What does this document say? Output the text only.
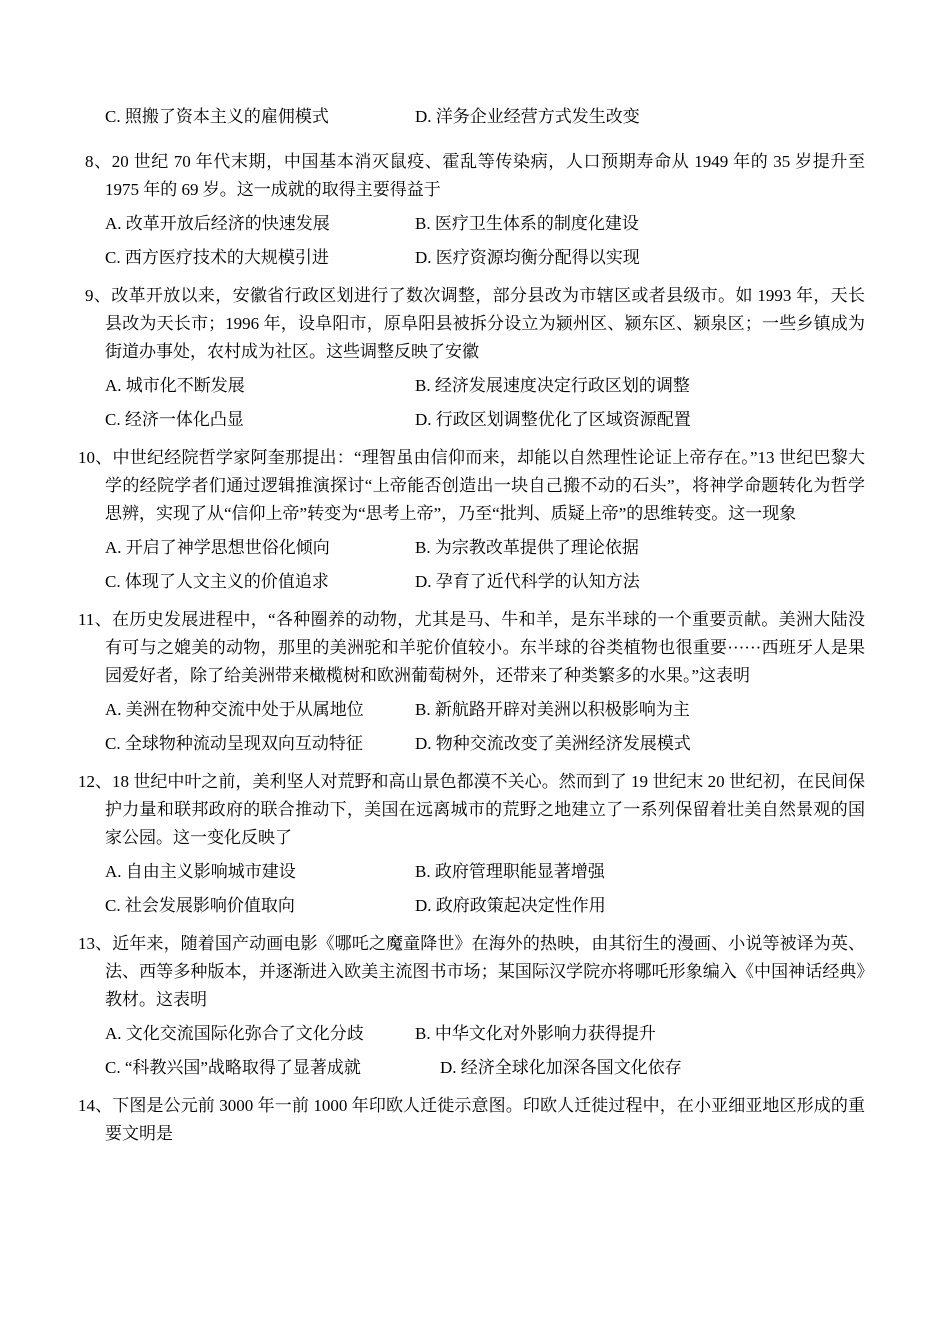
C. 照搬了资本主义的雇佣模式	D. 洋务企业经营方式发生改变

8、20 世纪 70 年代末期，中国基本消灭鼠疫、霍乱等传染病，人口预期寿命从 1949 年的 35 岁提升至 1975 年的 69 岁。这一成就的取得主要得益于

A. 改革开放后经济的快速发展	B. 医疗卫生体系的制度化建设
C. 西方医疗技术的大规模引进	D. 医疗资源均衡分配得以实现

9、改革开放以来，安徽省行政区划进行了数次调整，部分县改为市辖区或者县级市。如 1993 年，天长县改为天长市；1996 年，设阜阳市，原阜阳县被拆分设立为颍州区、颍东区、颍泉区；一些乡镇成为街道办事处，农村成为社区。这些调整反映了安徽

A. 城市化不断发展	B. 经济发展速度决定行政区划的调整
C. 经济一体化凸显	D. 行政区划调整优化了区域资源配置

10、中世纪经院哲学家阿奎那提出：“理智虽由信仰而来，却能以自然理性论证上帝存在。”13 世纪巴黎大学的经院学者们通过逻辑推演探讨“上帝能否创造出一块自己搬不动的石头”，将神学命题转化为哲学思辨，实现了从“信仰上帝”转变为“思考上帝”，乃至“批判、质疑上帝”的思维转变。这一现象

A. 开启了神学思想世俗化倾向	B. 为宗教改革提供了理论依据
C. 体现了人文主义的价值追求	D. 孕育了近代科学的认知方法

11、在历史发展进程中，“各种圈养的动物，尤其是马、牛和羊，是东半球的一个重要贡献。美洲大陆没有可与之媲美的动物，那里的美洲驼和羊驼价值较小。东半球的谷类植物也很重要······西班牙人是果园爱好者，除了给美洲带来橄榄树和欧洲葡萄树外，还带来了种类繁多的水果。”这表明

A. 美洲在物种交流中处于从属地位	B. 新航路开辟对美洲以积极影响为主
C. 全球物种流动呈现双向互动特征	D. 物种交流改变了美洲经济发展模式

12、18 世纪中叶之前，美利坚人对荒野和高山景色都漠不关心。然而到了 19 世纪末 20 世纪初，在民间保护力量和联邦政府的联合推动下，美国在远离城市的荒野之地建立了一系列保留着壮美自然景观的国家公园。这一变化反映了

A. 自由主义影响城市建设	B. 政府管理职能显著增强
C. 社会发展影响价值取向	D. 政府政策起决定性作用

13、近年来，随着国产动画电影《哪吒之魔童降世》在海外的热映，由其衍生的漫画、小说等被译为英、法、西等多种版本，并逐渐进入欧美主流图书市场；某国际汉学院亦将哪吒形象编入《中国神话经典》教材。这表明

A. 文化交流国际化弥合了文化分歧	B. 中华文化对外影响力获得提升
C. “科教兴国”战略取得了显著成就	D. 经济全球化加深各国文化依存

14、下图是公元前 3000 年一前 1000 年印欧人迁徙示意图。印欧人迁徙过程中，在小亚细亚地区形成的重要文明是
